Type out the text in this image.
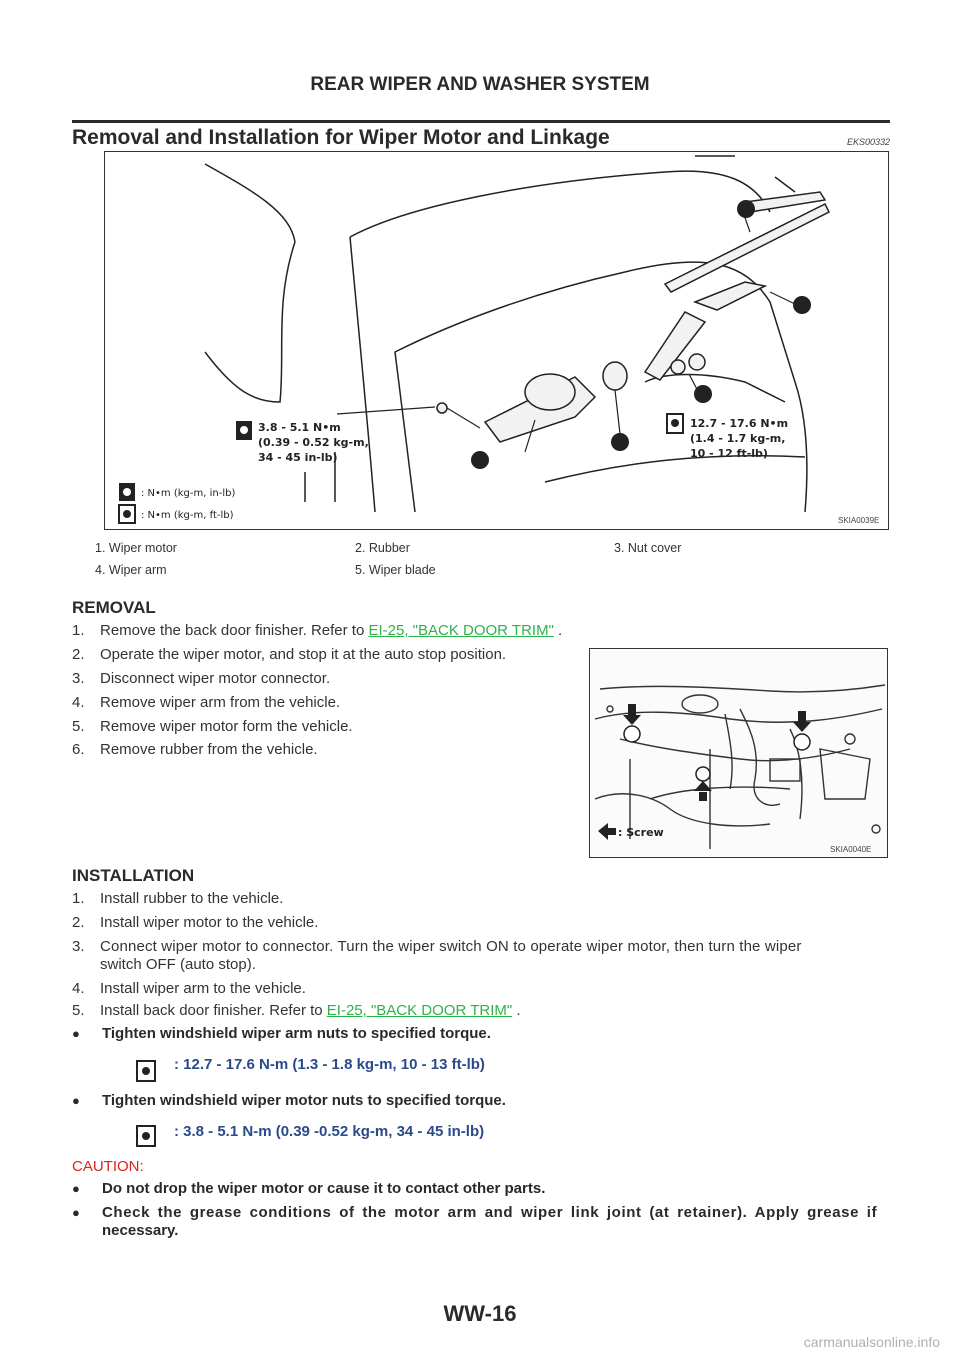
REAR WIPER AND WASHER SYSTEM
Removal and Installation for Wiper Motor and Linkage	EKS00332
1
2
3
4
5
3.8 - 5.1 N•m
(0.39 - 0.52 kg-m,
34 - 45 in-lb)
12.7 - 17.6 N•m
(1.4 - 1.7 kg-m,
10 - 12 ft-lb)
: N•m (kg-m, in-lb)
: N•m (kg-m, ft-lb)	SKIA0039E
1. Wiper motor	2. Rubber	3. Nut cover
4. Wiper arm	5. Wiper blade
REMOVAL
1. Remove the back door finisher. Refer to EI-25, "BACK DOOR TRIM" .
2. Operate the wiper motor, and stop it at the auto stop position.
3. Disconnect wiper motor connector.
4. Remove wiper arm from the vehicle.
5. Remove wiper motor form the vehicle.
6. Remove rubber from the vehicle.
: Screw
SKIA0040E
INSTALLATION
1. Install rubber to the vehicle.
2. Install wiper motor to the vehicle.
3. Connect wiper motor to connector. Turn the wiper switch ON to operate wiper motor, then turn the wiper
switch OFF (auto stop).
4. Install wiper arm to the vehicle.
5. Install back door finisher. Refer to EI-25, "BACK DOOR TRIM" .
● Tighten windshield wiper arm nuts to specified torque.
: 12.7 - 17.6 N-m (1.3 - 1.8 kg-m, 10 - 13 ft-lb)
● Tighten windshield wiper motor nuts to specified torque.
: 3.8 - 5.1 N-m (0.39 -0.52 kg-m, 34 - 45 in-lb)
CAUTION:
● Do not drop the wiper motor or cause it to contact other parts.
● Check the grease conditions of the motor arm and wiper link joint (at retainer). Apply grease if
necessary.
WW-16
carmanualsonline.info
